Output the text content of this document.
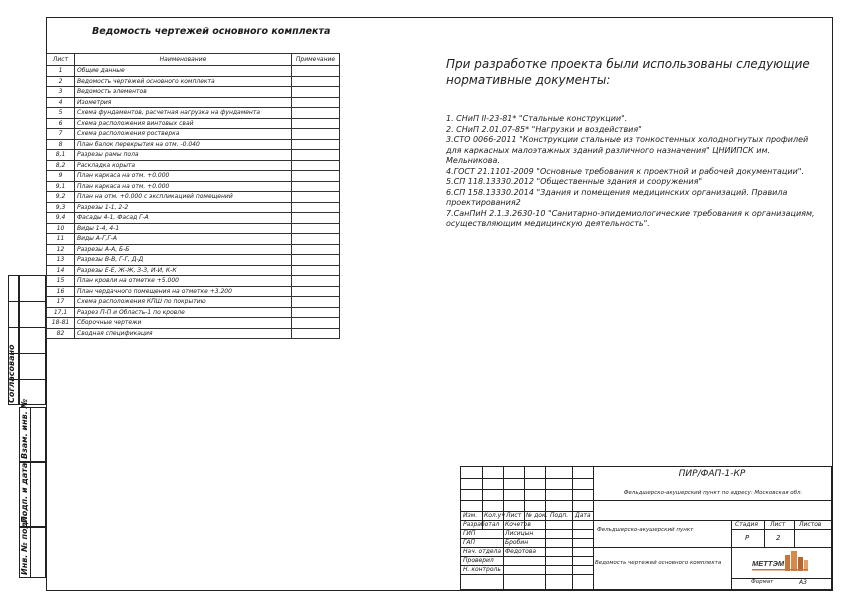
Согласовано
Взам. инв. №
Подп. и дата
Инв. № подл.
Ведомость чертежей основного комплекта
Лист	Наименование	Примечание
1	Общие данные	
2	Ведомость чертежей основного комплекта	
3	Ведомость элементов	
4	Изометрия	
5	Схема фундаментов, расчетная нагрузка на фундамента	
6	Схема расположения винтовых свай	
7	Схема расположения ростверка	
8	План балок перекрытия на отм. -0.040	
8,1	Разрезы рамы пола	
8,2	Раскладка корыта	
9	План каркаса на отм. +0.000	
9,1	План каркаса на отм. +0.000	
9,2	План на отм. +0.000 с экспликацией помещений	
9,3	Разрезы 1-1, 2-2	
9,4	Фасады 4-1, Фасад Г-А	
10	Виды 1-4, 4-1	
11	Виды А-Г,Г-А	
12	Разрезы А-А, Б-Б	
13	Разрезы В-В, Г-Г, Д-Д	
14	Разрезы Е-Е, Ж-Ж, З-З, И-И, К-К	
15	План кровли на отметке +5.000	
16	План чердачного помещения на отметке +3.200	
17	Схема расположения КПШ по покрытию	
17,1	Разрез П-П и Область-1 по кровле	
18-81	Сборочные чертежи	
82	Сводная спецификация	
При разработке проекта были использованы следующие нормативные документы:
1. СНиП II-23-81* "Стальные конструкции".
2. СНиП 2.01.07-85* "Нагрузки и воздействия"
3.СТО 0066-2011 "Конструкции стальные из тонкостенных холодногнутых профилей для каркасных малоэтажных зданий различного назначения" ЦНИИПСК им. Мельникова.
4.ГОСТ 21.1101-2009 "Основные требования к проектной и рабочей документации".
5.СП 118.13330.2012 "Общественные здания и сооружения"
6.СП 158.13330.2014 "Здания и помещения медицинских организаций. Правила проектирования2
7.СанПиН 2.1.3.2630-10 "Санитарно-эпидемиологические требования к организациям, осуществляющим медицинскую деятельность".
ПИР/ФАП-1-КР
Фельдшерско-акушерский пункт по адресу: Московская обл.
Изм. Кол.уч Лист № док. Подп. Дата
Разработал Кочетов
ГИП	Лисицын
ГАП	Бробин
Нач. отдела Федотова
Проверил
Н. контроль
Фельдшерско-акушерский пункт
Стадия Лист Листов
Р	2
Ведомость чертежей основного комплекта	МЕТТЭМ
Формат	А3
